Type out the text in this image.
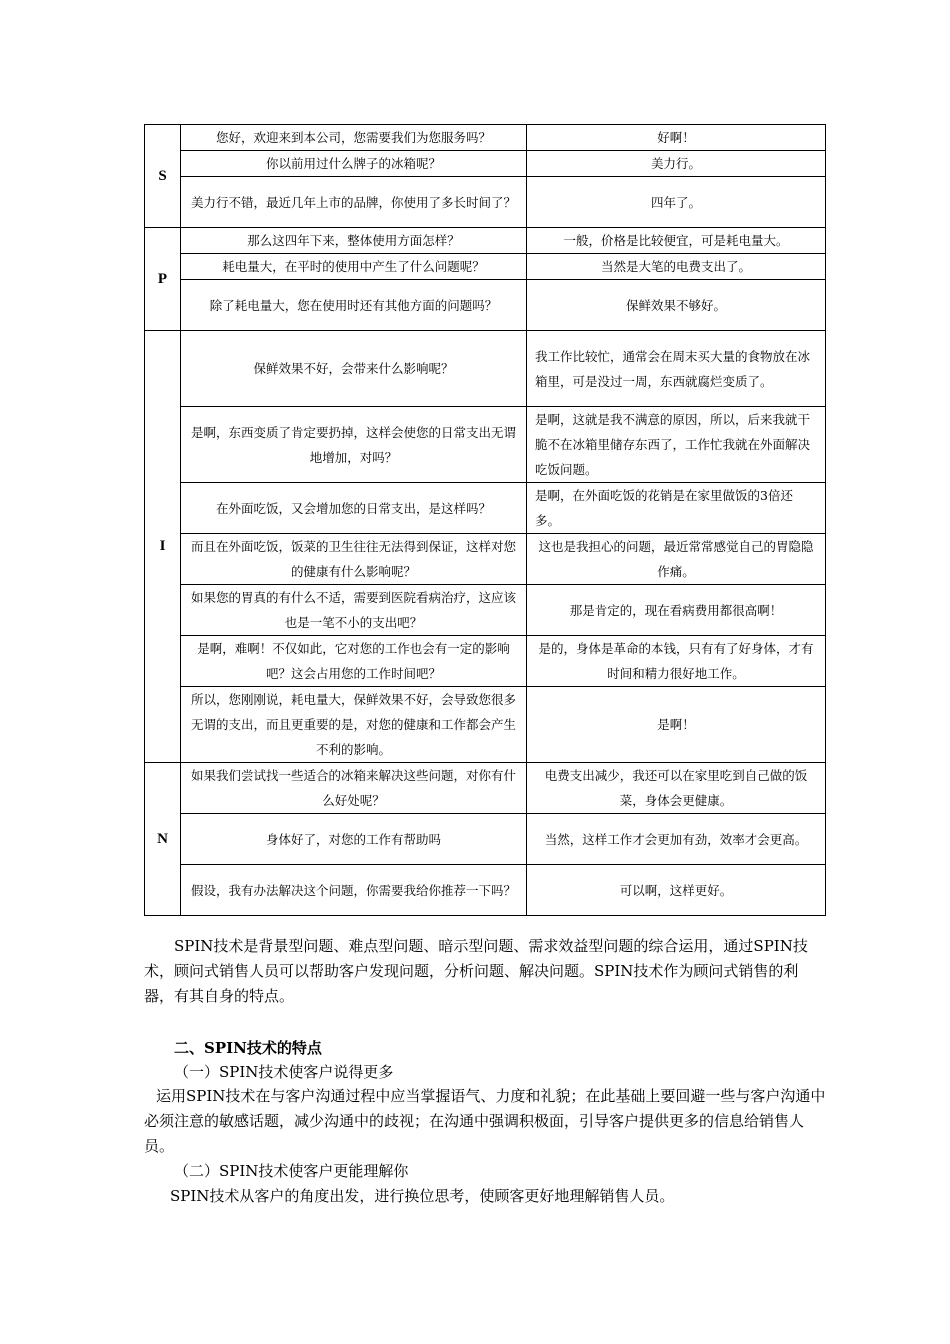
S	您好，欢迎来到本公司，您需要我们为您服务吗？	好啊！
	你以前用过什么牌子的冰箱呢？	美力行。
	美力行不错，最近几年上市的品牌，你使用了多长时间了？	四年了。
P	那么这四年下来，整体使用方面怎样？	一般，价格是比较便宜，可是耗电量大。
	耗电量大，在平时的使用中产生了什么问题呢？	当然是大笔的电费支出了。
	除了耗电量大，您在使用时还有其他方面的问题吗？	保鲜效果不够好。
I	保鲜效果不好，会带来什么影响呢？	我工作比较忙，通常会在周末买大量的食物放在冰箱里，可是没过一周，东西就腐烂变质了。
	是啊，东西变质了肯定要扔掉，这样会使您的日常支出无谓地增加，对吗？	是啊，这就是我不满意的原因，所以，后来我就干脆不在冰箱里储存东西了，工作忙我就在外面解决吃饭问题。
	在外面吃饭，又会增加您的日常支出，是这样吗？	是啊，在外面吃饭的花销是在家里做饭的3倍还多。
	而且在外面吃饭，饭菜的卫生往往无法得到保证，这样对您的健康有什么影响呢？	这也是我担心的问题，最近常常感觉自己的胃隐隐作痛。
	如果您的胃真的有什么不适，需要到医院看病治疗，这应该也是一笔不小的支出吧？	那是肯定的，现在看病费用都很高啊！
	是啊，难啊！不仅如此，它对您的工作也会有一定的影响吧？这会占用您的工作时间吧？	是的，身体是革命的本钱，只有有了好身体，才有时间和精力很好地工作。
	所以，您刚刚说，耗电量大，保鲜效果不好，会导致您很多无谓的支出，而且更重要的是，对您的健康和工作都会产生不利的影响。	是啊！
N	如果我们尝试找一些适合的冰箱来解决这些问题，对你有什么好处呢？	电费支出减少，我还可以在家里吃到自己做的饭菜，身体会更健康。
	身体好了，对您的工作有帮助吗	当然，这样工作才会更加有劲，效率才会更高。
	假设，我有办法解决这个问题，你需要我给你推荐一下吗？	可以啊，这样更好。

SPIN技术是背景型问题、难点型问题、暗示型问题、需求效益型问题的综合运用，通过SPIN技术，顾问式销售人员可以帮助客户发现问题，分析问题、解决问题。SPIN技术作为顾问式销售的利器，有其自身的特点。

二、SPIN技术的特点

（一）SPIN技术使客户说得更多

运用SPIN技术在与客户沟通过程中应当掌握语气、力度和礼貌；在此基础上要回避一些与客户沟通中必须注意的敏感话题，减少沟通中的歧视；在沟通中强调积极面，引导客户提供更多的信息给销售人员。

（二）SPIN技术使客户更能理解你

SPIN技术从客户的角度出发，进行换位思考，使顾客更好地理解销售人员。
